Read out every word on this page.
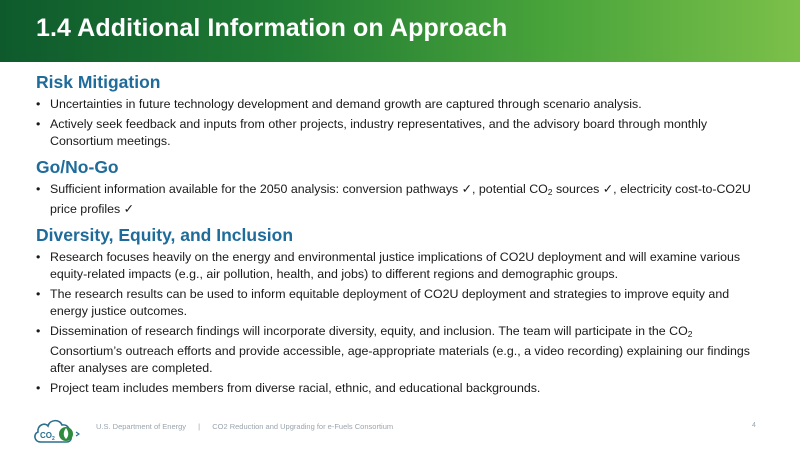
1.4 Additional Information on Approach
Risk Mitigation
• Uncertainties in future technology development and demand growth are captured through scenario analysis.
• Actively seek feedback and inputs from other projects, industry representatives, and the advisory board through monthly Consortium meetings.
Go/No-Go
• Sufficient information available for the 2050 analysis: conversion pathways ✓, potential $CO_2$ sources ✓, electricity cost-to-CO2U price profiles ✓
Diversity, Equity, and Inclusion
• Research focuses heavily on the energy and environmental justice implications of CO2U deployment and will examine various equity-related impacts (e.g., air pollution, health, and jobs) to different regions and demographic groups.
• The research results can be used to inform equitable deployment of CO2U deployment and strategies to improve equity and energy justice outcomes.
• Dissemination of research findings will incorporate diversity, equity, and inclusion. The team will participate in the $CO_2$ Consortium’s outreach efforts and provide accessible, age-appropriate materials (e.g., a video recording) explaining our findings after analyses are completed.
• Project team includes members from diverse racial, ethnic, and educational backgrounds.
$CO_2$
U.S. Department of Energy | CO2 Reduction and Upgrading for e-Fuels Consortium	4
